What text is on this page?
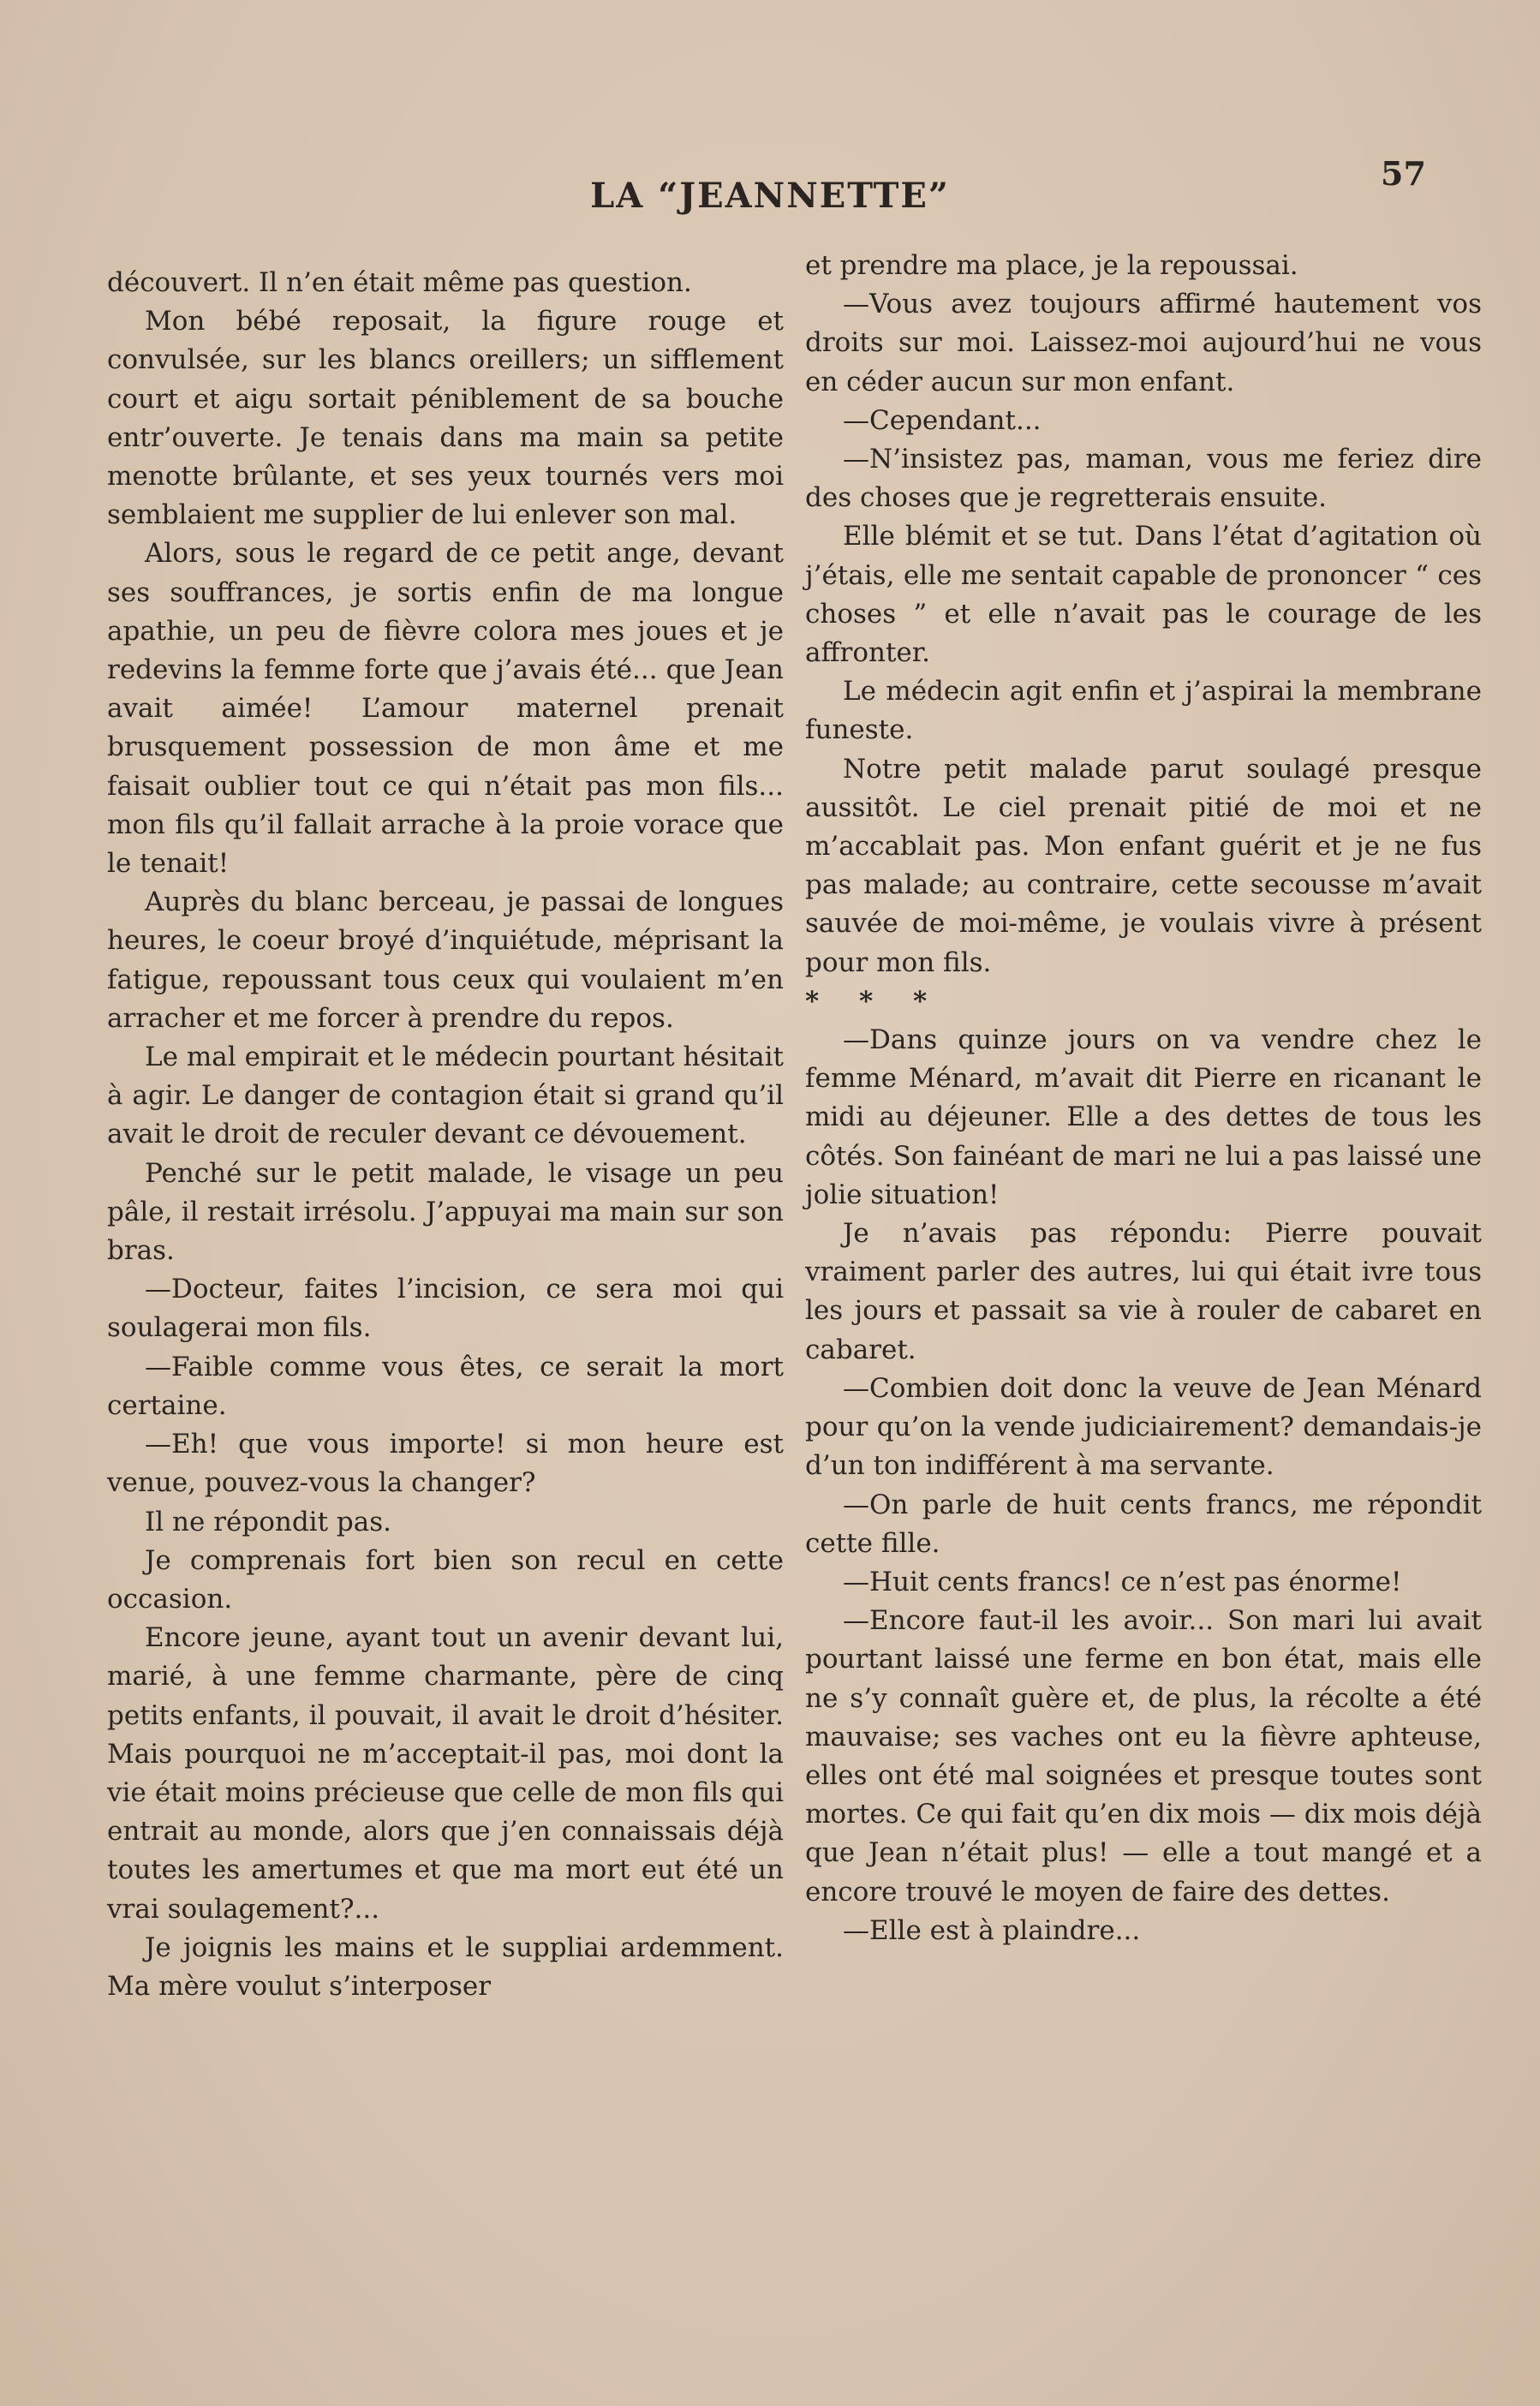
LA “JEANNETTE”
57

découvert. Il n’en était même pas question.

Mon bébé reposait, la figure rouge et convulsée, sur les blancs oreillers; un sifflement court et aigu sortait péniblement de sa bouche entr’ouverte. Je tenais dans ma main sa petite menotte brûlante, et ses yeux tournés vers moi semblaient me supplier de lui enlever son mal.

Alors, sous le regard de ce petit ange, devant ses souffrances, je sortis enfin de ma longue apathie, un peu de fièvre colora mes joues et je redevins la femme forte que j’avais été... que Jean avait aimée! L’amour maternel prenait brusquement possession de mon âme et me faisait oublier tout ce qui n’était pas mon fils... mon fils qu’il fallait arrache à la proie vorace que le tenait!

Auprès du blanc berceau, je passai de longues heures, le coeur broyé d’inquiétude, méprisant la fatigue, repoussant tous ceux qui voulaient m’en arracher et me forcer à prendre du repos.

Le mal empirait et le médecin pourtant hésitait à agir. Le danger de contagion était si grand qu’il avait le droit de reculer devant ce dévouement.

Penché sur le petit malade, le visage un peu pâle, il restait irrésolu. J’appuyai ma main sur son bras.

—Docteur, faites l’incision, ce sera moi qui soulagerai mon fils.

—Faible comme vous êtes, ce serait la mort certaine.

—Eh! que vous importe! si mon heure est venue, pouvez-vous la changer?

Il ne répondit pas.

Je comprenais fort bien son recul en cette occasion.

Encore jeune, ayant tout un avenir devant lui, marié, à une femme charmante, père de cinq petits enfants, il pouvait, il avait le droit d’hésiter. Mais pourquoi ne m’acceptait-il pas, moi dont la vie était moins précieuse que celle de mon fils qui entrait au monde, alors que j’en connaissais déjà toutes les amertumes et que ma mort eut été un vrai soulagement?...

Je joignis les mains et le suppliai ardemment. Ma mère voulut s’interposer

et prendre ma place, je la repoussai.

—Vous avez toujours affirmé hautement vos droits sur moi. Laissez-moi aujourd’hui ne vous en céder aucun sur mon enfant.

—Cependant...

—N’insistez pas, maman, vous me feriez dire des choses que je regretterais ensuite.

Elle blémit et se tut. Dans l’état d’agitation où j’étais, elle me sentait capable de prononcer “ ces choses ” et elle n’avait pas le courage de les affronter.

Le médecin agit enfin et j’aspirai la membrane funeste.

Notre petit malade parut soulagé presque aussitôt. Le ciel prenait pitié de moi et ne m’accablait pas. Mon enfant guérit et je ne fus pas malade; au contraire, cette secousse m’avait sauvée de moi-même, je voulais vivre à présent pour mon fils.

* * *

—Dans quinze jours on va vendre chez le femme Ménard, m’avait dit Pierre en ricanant le midi au déjeuner. Elle a des dettes de tous les côtés. Son fainéant de mari ne lui a pas laissé une jolie situation!

Je n’avais pas répondu: Pierre pouvait vraiment parler des autres, lui qui était ivre tous les jours et passait sa vie à rouler de cabaret en cabaret.

—Combien doit donc la veuve de Jean Ménard pour qu’on la vende judiciairement? demandais-je d’un ton indifférent à ma servante.

—On parle de huit cents francs, me répondit cette fille.

—Huit cents francs! ce n’est pas énorme!

—Encore faut-il les avoir... Son mari lui avait pourtant laissé une ferme en bon état, mais elle ne s’y connaît guère et, de plus, la récolte a été mauvaise; ses vaches ont eu la fièvre aphteuse, elles ont été mal soignées et presque toutes sont mortes. Ce qui fait qu’en dix mois — dix mois déjà que Jean n’était plus! — elle a tout mangé et a encore trouvé le moyen de faire des dettes.

—Elle est à plaindre...
